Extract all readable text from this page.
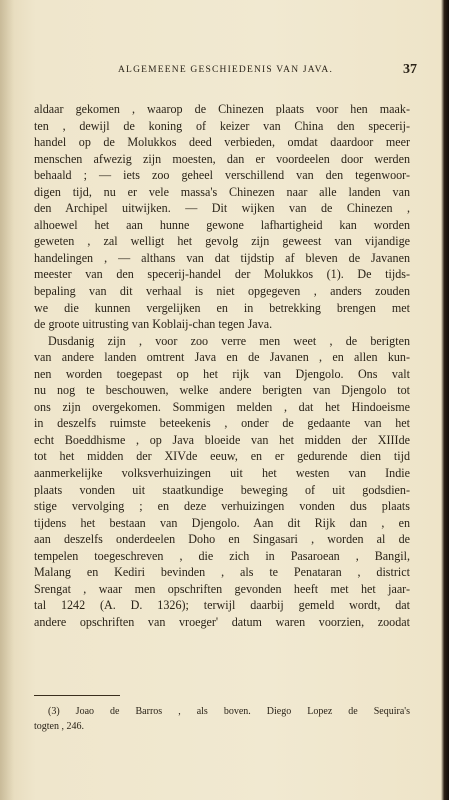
ALGEMEENE GESCHIEDENIS VAN JAVA.	37
aldaar gekomen , waarop de Chinezen plaats voor hen maak-
ten , dewijl de koning of keizer van China den specerij-
handel op de Molukkos deed verbieden, omdat daardoor meer
menschen afwezig zijn moesten, dan er voordeelen door werden
behaald ; — iets zoo geheel verschillend van den tegenwoor-
digen tijd, nu er vele massa's Chinezen naar alle landen van
den Archipel uitwijken. — Dit wijken van de Chinezen ,
alhoewel het aan hunne gewone lafhartigheid kan worden
geweten , zal welligt het gevolg zijn geweest van vijandige
handelingen , — althans van dat tijdstip af bleven de Javanen
meester van den specerij-handel der Molukkos (1). De tijds-
bepaling van dit verhaal is niet opgegeven , anders zouden
we die kunnen vergelijken en in betrekking brengen met
de groote uitrusting van Koblaij-chan tegen Java.
Dusdanig zijn , voor zoo verre men weet , de berigten
van andere landen omtrent Java en de Javanen , en allen kun-
nen worden toegepast op het rijk van Djengolo. Ons valt
nu nog te beschouwen, welke andere berigten van Djengolo tot
ons zijn overgekomen. Sommigen melden , dat het Hindoeisme
in deszelfs ruimste beteekenis , onder de gedaante van het
echt Boeddhisme , op Java bloeide van het midden der XIIIde
tot het midden der XIVde eeuw, en er gedurende dien tijd
aanmerkelijke volksverhuizingen uit het westen van Indie
plaats vonden uit staatkundige beweging of uit godsdien-
stige vervolging ; en deze verhuizingen vonden dus plaats
tijdens het bestaan van Djengolo. Aan dit Rijk dan , en
aan deszelfs onderdeelen Doho en Singasari , worden al de
tempelen toegeschreven , die zich in Pasaroean , Bangil,
Malang en Kediri bevinden , als te Penataran , district
Srengat , waar men opschriften gevonden heeft met het jaar-
tal 1242 (A. D. 1326); terwijl daarbij gemeld wordt, dat
andere opschriften van vroeger' datum waren voorzien, zoodat
(3) Joao de Barros , als boven. Diego Lopez de Sequira's
togten , 246.
